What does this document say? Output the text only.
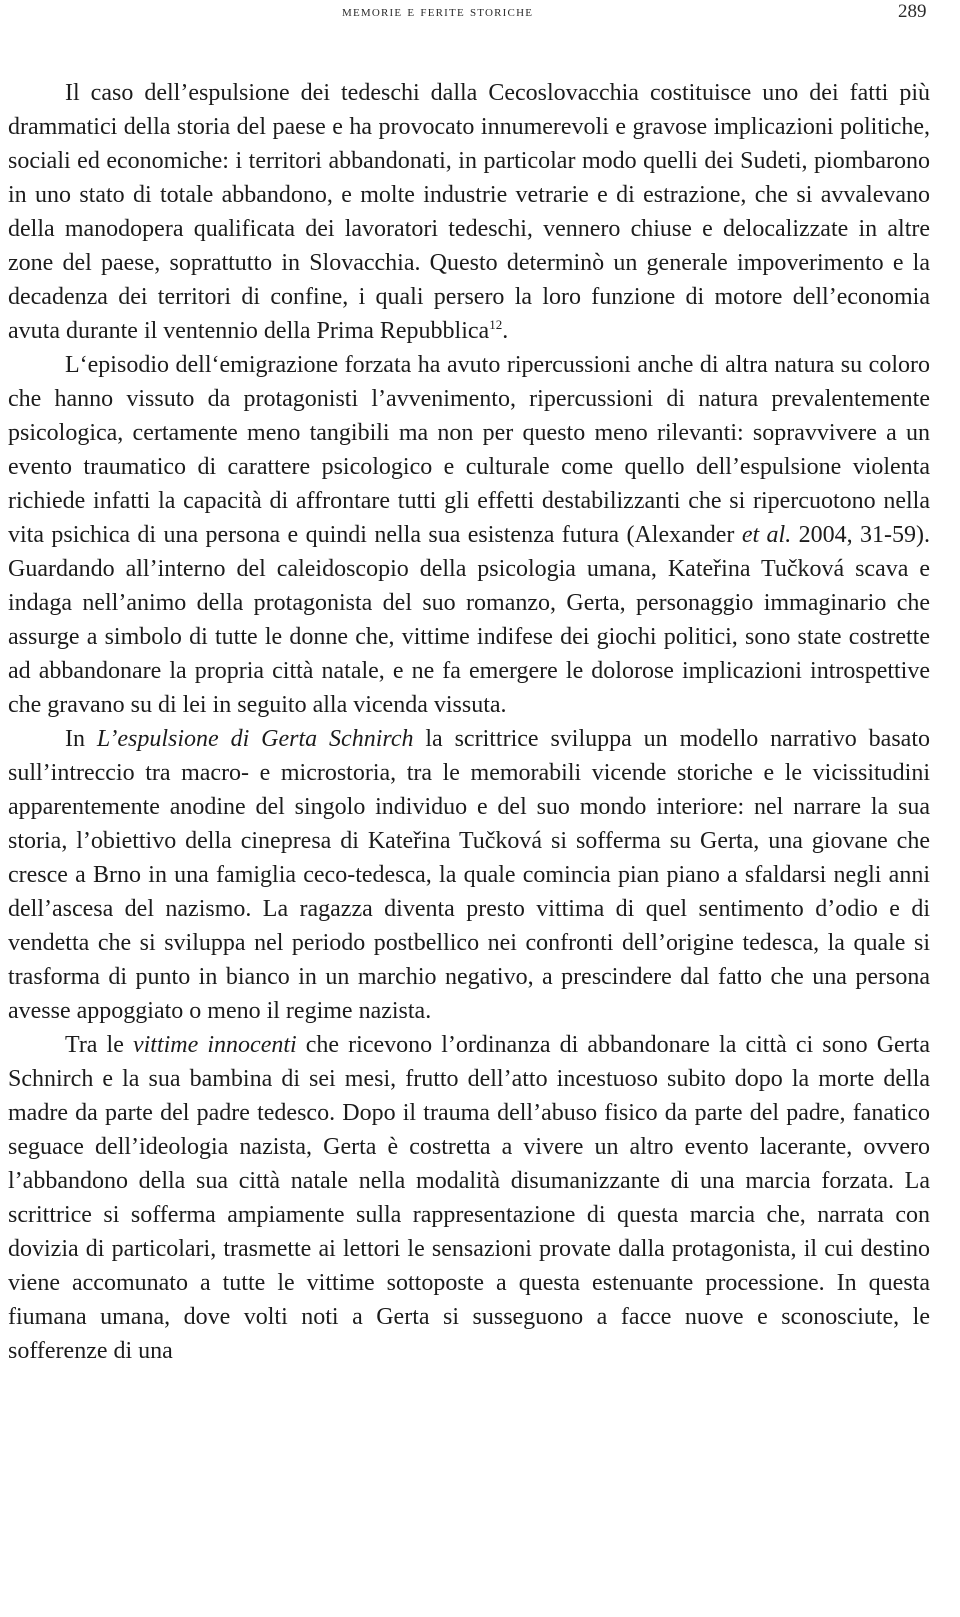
memorie e ferite storiche	289

Il caso dell’espulsione dei tedeschi dalla Cecoslovacchia costituisce uno dei fatti più drammatici della storia del paese e ha provocato innumerevoli e gravose implicazioni politiche, sociali ed economiche: i territori abbandonati, in particolar modo quelli dei Sudeti, piombarono in uno stato di totale abbandono, e molte industrie vetrarie e di estrazione, che si avvalevano della manodopera qualificata dei lavoratori tedeschi, vennero chiuse e delocalizzate in altre zone del paese, soprattutto in Slovacchia. Questo determinò un generale impoverimento e la decadenza dei territori di confine, i quali persero la loro funzione di motore dell’economia avuta durante il ventennio della Prima Repubblica$^{12}$.

L‘episodio dell‘emigrazione forzata ha avuto ripercussioni anche di altra natura su coloro che hanno vissuto da protagonisti l’avvenimento, ripercussioni di natura prevalentemente psicologica, certamente meno tangibili ma non per questo meno rilevanti: sopravvivere a un evento traumatico di carattere psicologico e culturale come quello dell’espulsione violenta richiede infatti la capacità di affrontare tutti gli effetti destabilizzanti che si ripercuotono nella vita psichica di una persona e quindi nella sua esistenza futura (Alexander et al. 2004, 31-59). Guardando all’interno del caleidoscopio della psicologia umana, Kateřina Tučková scava e indaga nell’animo della protagonista del suo romanzo, Gerta, personaggio immaginario che assurge a simbolo di tutte le donne che, vittime indifese dei giochi politici, sono state costrette ad abbandonare la propria città natale, e ne fa emergere le dolorose implicazioni introspettive che gravano su di lei in seguito alla vicenda vissuta.

In L’espulsione di Gerta Schnirch la scrittrice sviluppa un modello narrativo basato sull’intreccio tra macro- e microstoria, tra le memorabili vicende storiche e le vicissitudini apparentemente anodine del singolo individuo e del suo mondo interiore: nel narrare la sua storia, l’obiettivo della cinepresa di Kateřina Tučková si sofferma su Gerta, una giovane che cresce a Brno in una famiglia ceco-tedesca, la quale comincia pian piano a sfaldarsi negli anni dell’ascesa del nazismo. La ragazza diventa presto vittima di quel sentimento d’odio e di vendetta che si sviluppa nel periodo postbellico nei confronti dell’origine tedesca, la quale si trasforma di punto in bianco in un marchio negativo, a prescindere dal fatto che una persona avesse appoggiato o meno il regime nazista.

Tra le vittime innocenti che ricevono l’ordinanza di abbandonare la città ci sono Gerta Schnirch e la sua bambina di sei mesi, frutto dell’atto incestuoso subito dopo la morte della madre da parte del padre tedesco. Dopo il trauma dell’abuso fisico da parte del padre, fanatico seguace dell’ideologia nazista, Gerta è costretta a vivere un altro evento lacerante, ovvero l’abbandono della sua città natale nella modalità disumanizzante di una marcia forzata. La scrittrice si sofferma ampiamente sulla rappresentazione di questa marcia che, narrata con dovizia di particolari, trasmette ai lettori le sensazioni provate dalla protagonista, il cui destino viene accomunato a tutte le vittime sottoposte a questa estenuante processione. In questa fiumana umana, dove volti noti a Gerta si susseguono a facce nuove e sconosciute, le sofferenze di una
